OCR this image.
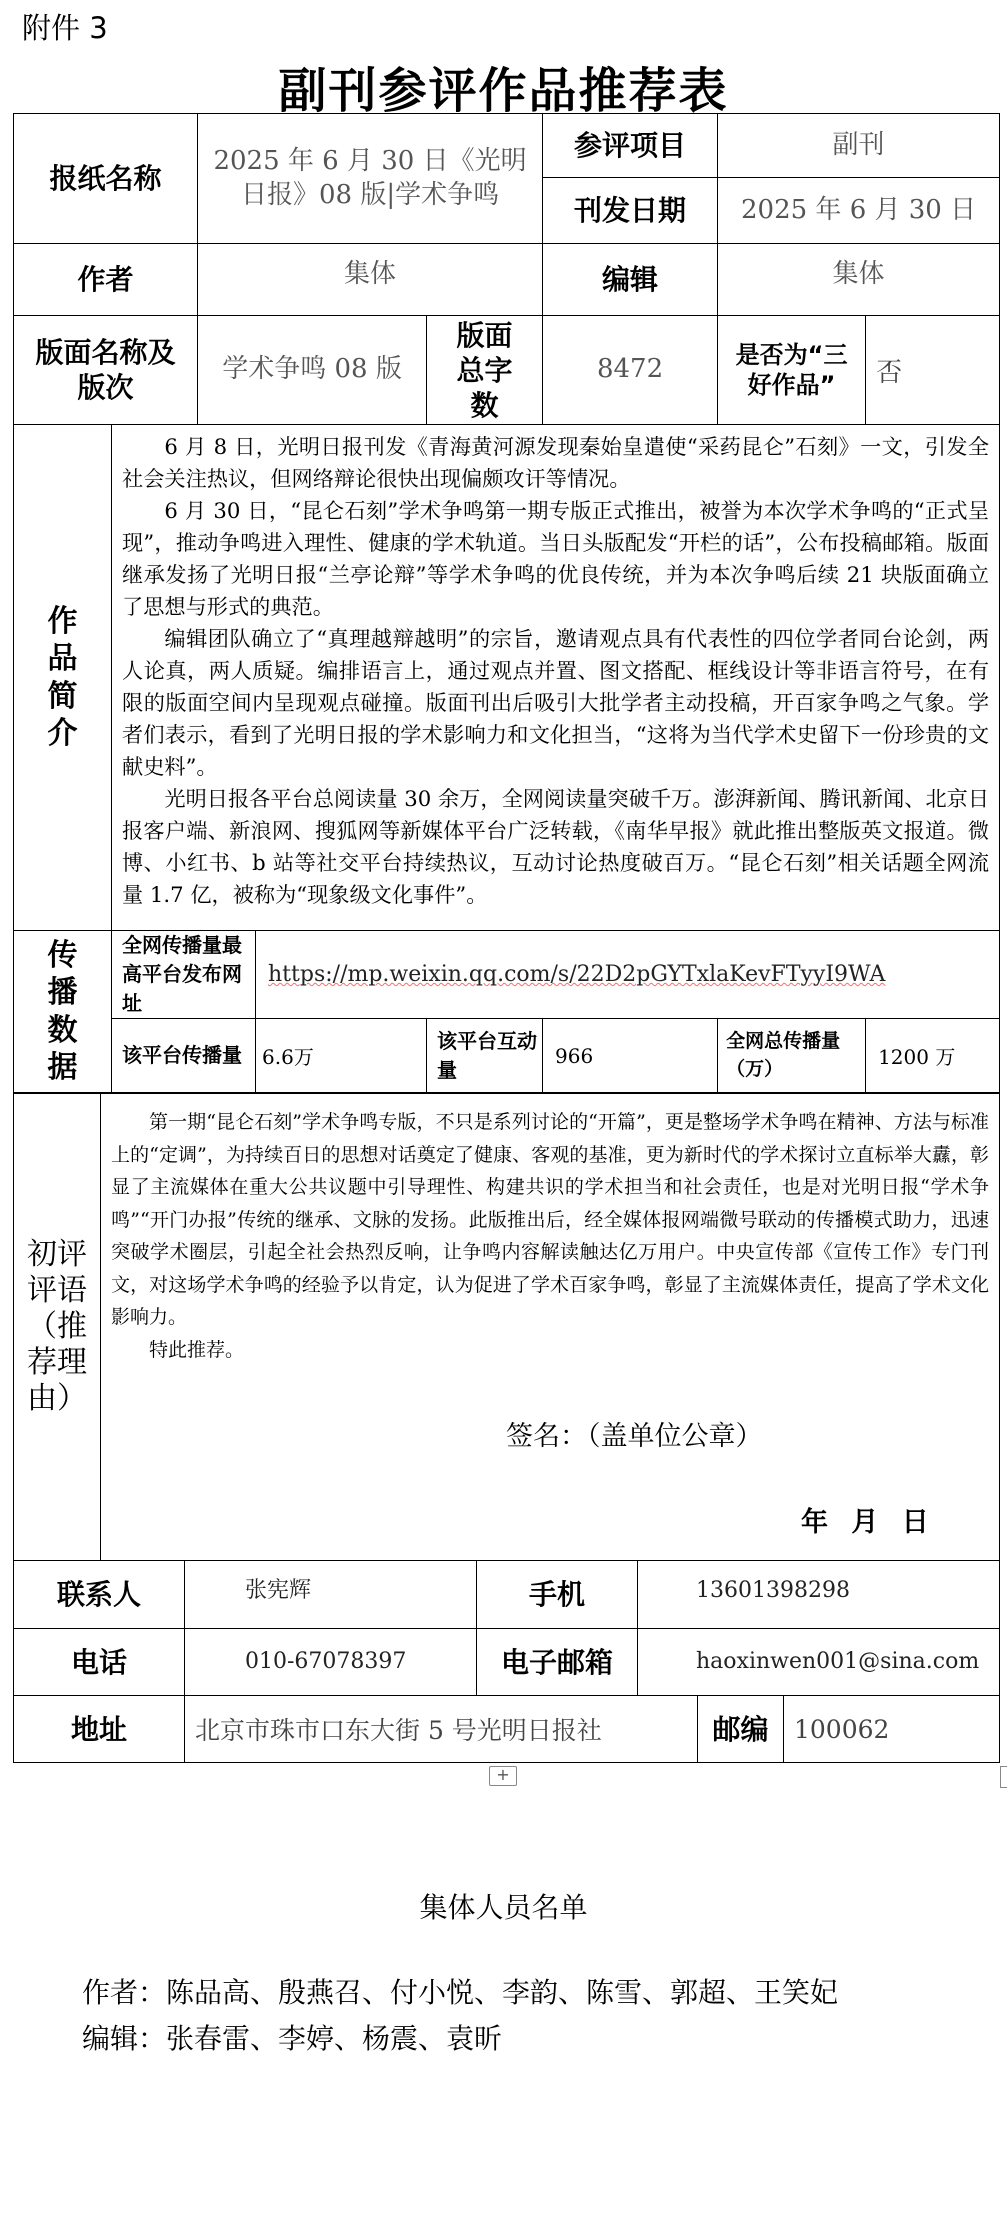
附件 3
副刊参评作品推荐表
报纸名称		2025 年 6 月 30 日《光明日报》08 版|学术争鸣			参评项目	副刊	
					刊发日期	2025 年 6 月 30 日	
作者		集体			编辑	集体	
版面名称及版次		学术争鸣 08 版		版面总字数	8472	是否为“三好作品”	否
作品简介	6 月 8 日，光明日报刊发《青海黄河源发现秦始皇遣使“采药昆仑”石刻》一文，引发全社会关注热议，但网络辩论很快出现偏颇攻讦等情况。

6 月 30 日，“昆仑石刻”学术争鸣第一期专版正式推出，被誉为本次学术争鸣的“正式呈现”，推动争鸣进入理性、健康的学术轨道。当日头版配发“开栏的话”，公布投稿邮箱。版面继承发扬了光明日报“兰亭论辩”等学术争鸣的优良传统，并为本次争鸣后续 21 块版面确立了思想与形式的典范。

编辑团队确立了“真理越辩越明”的宗旨，邀请观点具有代表性的四位学者同台论剑，两人论真，两人质疑。编排语言上，通过观点并置、图文搭配、框线设计等非语言符号，在有限的版面空间内呈现观点碰撞。版面刊出后吸引大批学者主动投稿，开百家争鸣之气象。学者们表示，看到了光明日报的学术影响力和文化担当，“这将为当代学术史留下一份珍贵的文献史料”。

光明日报各平台总阅读量 30 余万，全网阅读量突破千万。澎湃新闻、腾讯新闻、北京日报客户端、新浪网、搜狐网等新媒体平台广泛转载，《南华早报》就此推出整版英文报道。微博、小红书、b 站等社交平台持续热议，互动讨论热度破百万。“昆仑石刻”相关话题全网流量 1.7 亿，被称为“现象级文化事件”。						

传播数据	全网传播量最高平台发布网址		https://mp.weixin.qq.com/s/22D2pGYTxlaKevFTyyI9WA				
	该平台传播量		6.6万	该平台互动量	966	全网总传播量（万）	1200 万
初评评语（推荐理由）	第一期“昆仑石刻”学术争鸣专版，不只是系列讨论的“开篇”，更是整场学术争鸣在精神、方法与标准上的“定调”，为持续百日的思想对话奠定了健康、客观的基准，更为新时代的学术探讨立直标举大纛，彰显了主流媒体在重大公共议题中引导理性、构建共识的学术担当和社会责任，也是对光明日报“学术争鸣”“开门办报”传统的继承、文脉的发扬。此版推出后，经全媒体报网端微号联动的传播模式助力，迅速突破学术圈层，引起全社会热烈反响，让争鸣内容解读触达亿万用户。中央宣传部《宣传工作》专门刊文，对这场学术争鸣的经验予以肯定，认为促进了学术百家争鸣，彰显了主流媒体责任，提高了学术文化影响力。

特此推荐。

签名：（盖单位公章）
年 月 日					

联系人		张宪辉	手机	13601398298		
电话		010-67078397	电子邮箱	haoxinwen001@sina.com		
地址		北京市珠市口东大街 5 号光明日报社			邮编	100062
+
集体人员名单
作者：陈品高、殷燕召、付小悦、李韵、陈雪、郭超、王笑妃
编辑：张春雷、李婷、杨震、袁昕
